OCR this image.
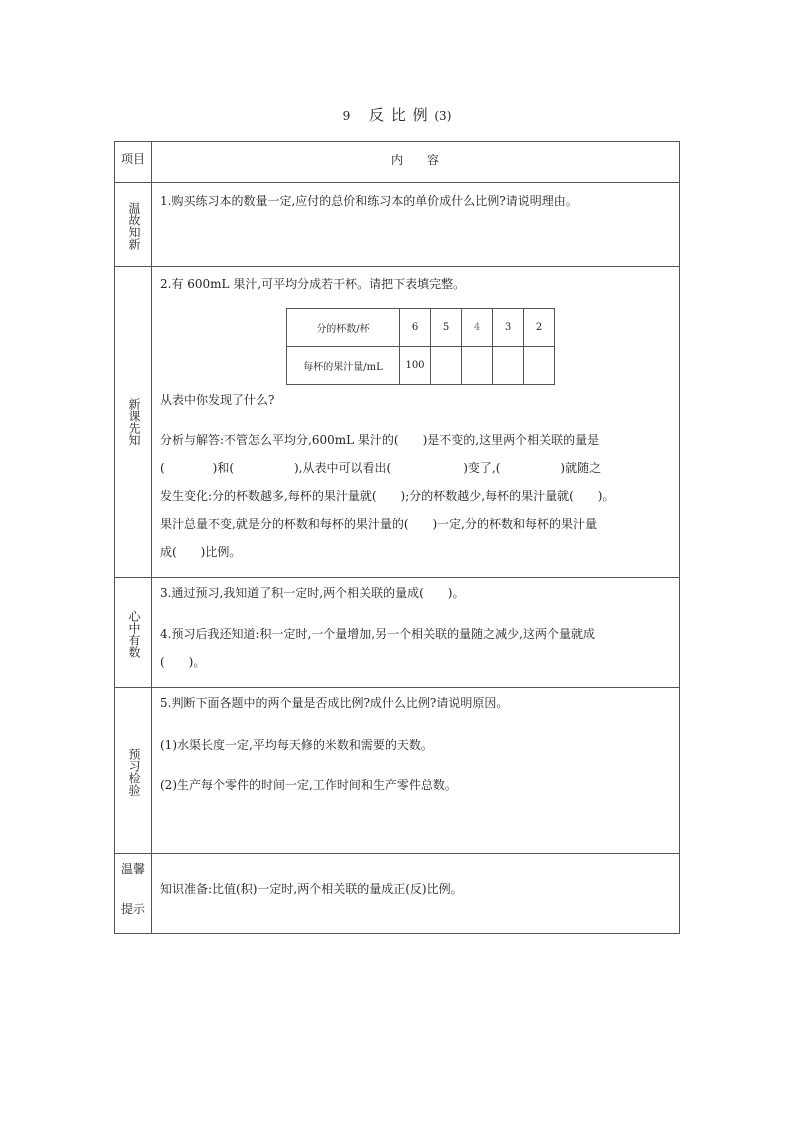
9 反 比 例 (3)
项目	内　　容
温故知新
1.购买练习本的数量一定,应付的总价和练习本的单价成什么比例?请说明理由。
新课先知
2.有 600mL 果汁,可平均分成若干杯。请把下表填完整。
分的杯数/杯	6	5	4	3	2
每杯的果汁量/mL	100				
从表中你发现了什么?
分析与解答:不管怎么平均分,600mL 果汁的(　　)是不变的,这里两个相关联的量是
(　　　　)和(　　　　　),从表中可以看出(　　　　　　)变了,(　　　　　)就随之
发生变化:分的杯数越多,每杯的果汁量就(　　);分的杯数越少,每杯的果汁量就(　　)。
果汁总量不变,就是分的杯数和每杯的果汁量的(　　)一定,分的杯数和每杯的果汁量
成(　　)比例。
心中有数
3.通过预习,我知道了积一定时,两个相关联的量成(　　)。
4.预习后我还知道:积一定时,一个量增加,另一个相关联的量随之减少,这两个量就成
(　　)。
预习检验
5.判断下面各题中的两个量是否成比例?成什么比例?请说明原因。
(1)水渠长度一定,平均每天修的米数和需要的天数。
(2)生产每个零件的时间一定,工作时间和生产零件总数。
温馨
提示
知识准备:比值(积)一定时,两个相关联的量成正(反)比例。
